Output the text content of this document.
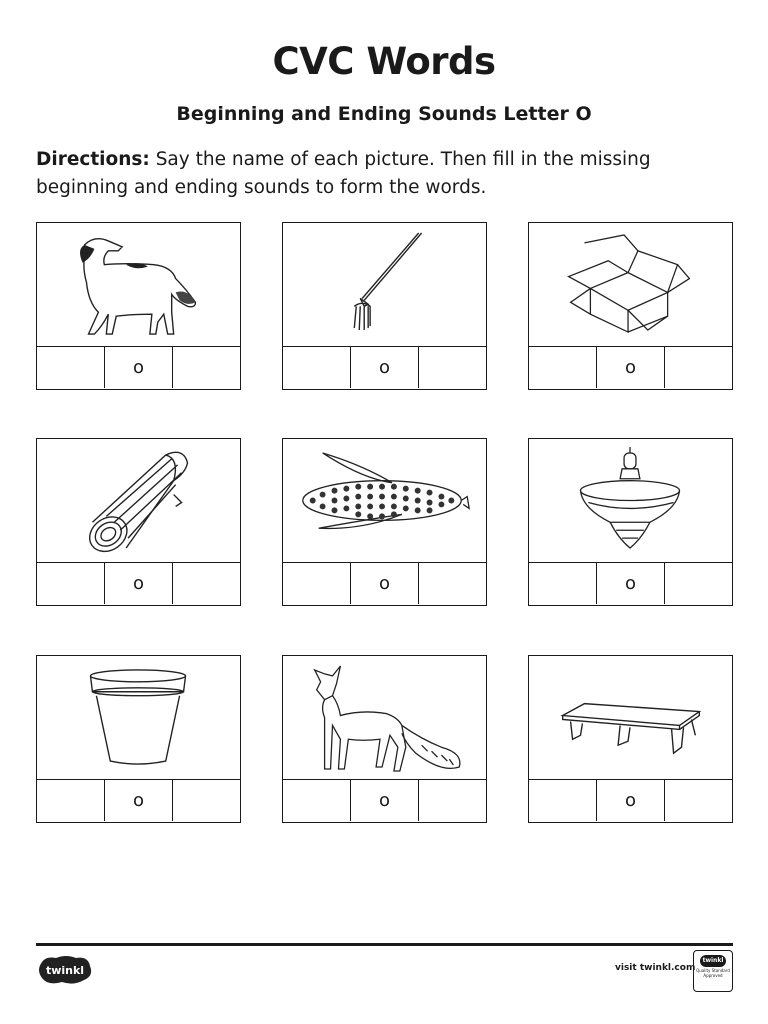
CVC Words
Beginning and Ending Sounds Letter O
Directions: Say the name of each picture. Then fill in the missing beginning and ending sounds to form the words.
o	o	o
o	o	o
o	o	o
twinkl	visit twinkl.com
twinkl
Quality Standard Approved
